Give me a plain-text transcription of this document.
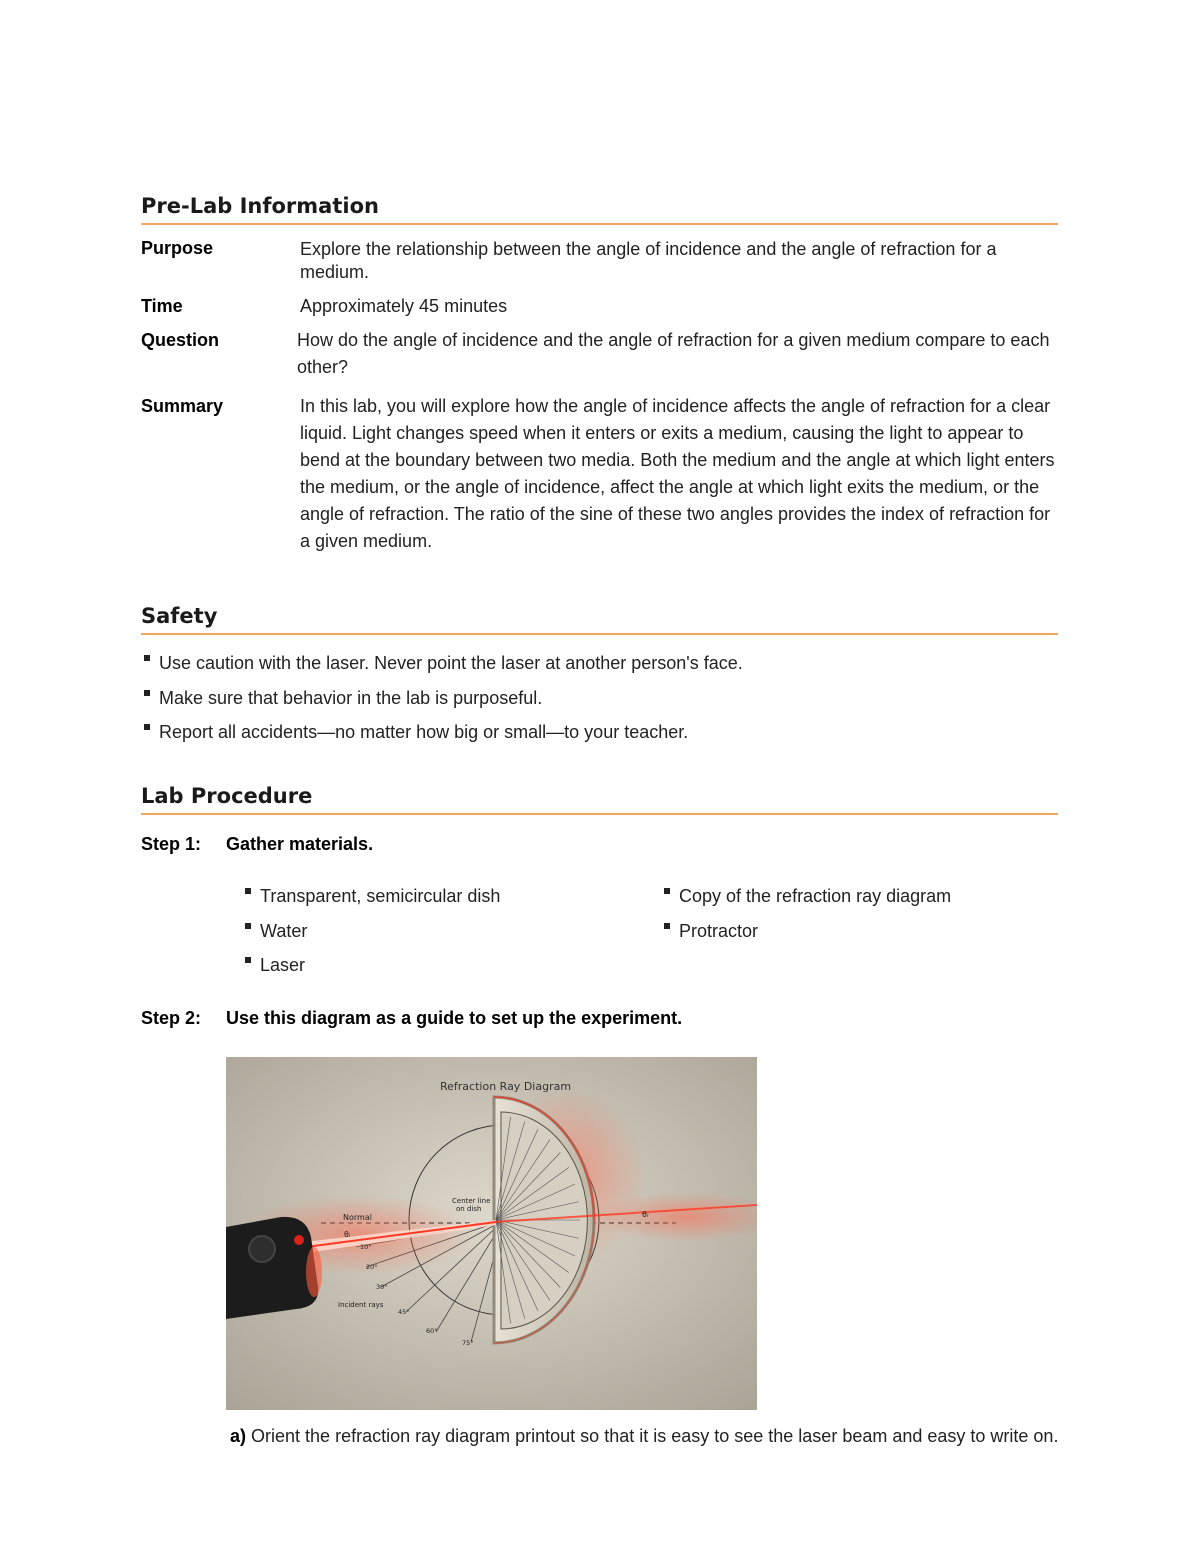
Pre-Lab Information
Purpose	Explore the relationship between the angle of incidence and the angle of refraction for a medium.
Time	Approximately 45 minutes
Question	How do the angle of incidence and the angle of refraction for a given medium compare to each other?
Summary	In this lab, you will explore how the angle of incidence affects the angle of refraction for a clear liquid. Light changes speed when it enters or exits a medium, causing the light to appear to bend at the boundary between two media. Both the medium and the angle at which light enters the medium, or the angle of incidence, affect the angle at which light exits the medium, or the angle of refraction. The ratio of the sine of these two angles provides the index of refraction for a given medium.
Safety
Use caution with the laser. Never point the laser at another person's face.
Make sure that behavior in the lab is purposeful.
Report all accidents—no matter how big or small—to your teacher.
Lab Procedure
Step 1: Gather materials.
Transparent, semicircular dish
Water
Laser
Copy of the refraction ray diagram
Protractor
Step 2: Use this diagram as a guide to set up the experiment.
Refraction Ray Diagram
Normal
Center line
on dish
Incident rays
θᵢ
θᵣ
10°
20°
30°
45°
60°
75°
a) Orient the refraction ray diagram printout so that it is easy to see the laser beam and easy to write on.
